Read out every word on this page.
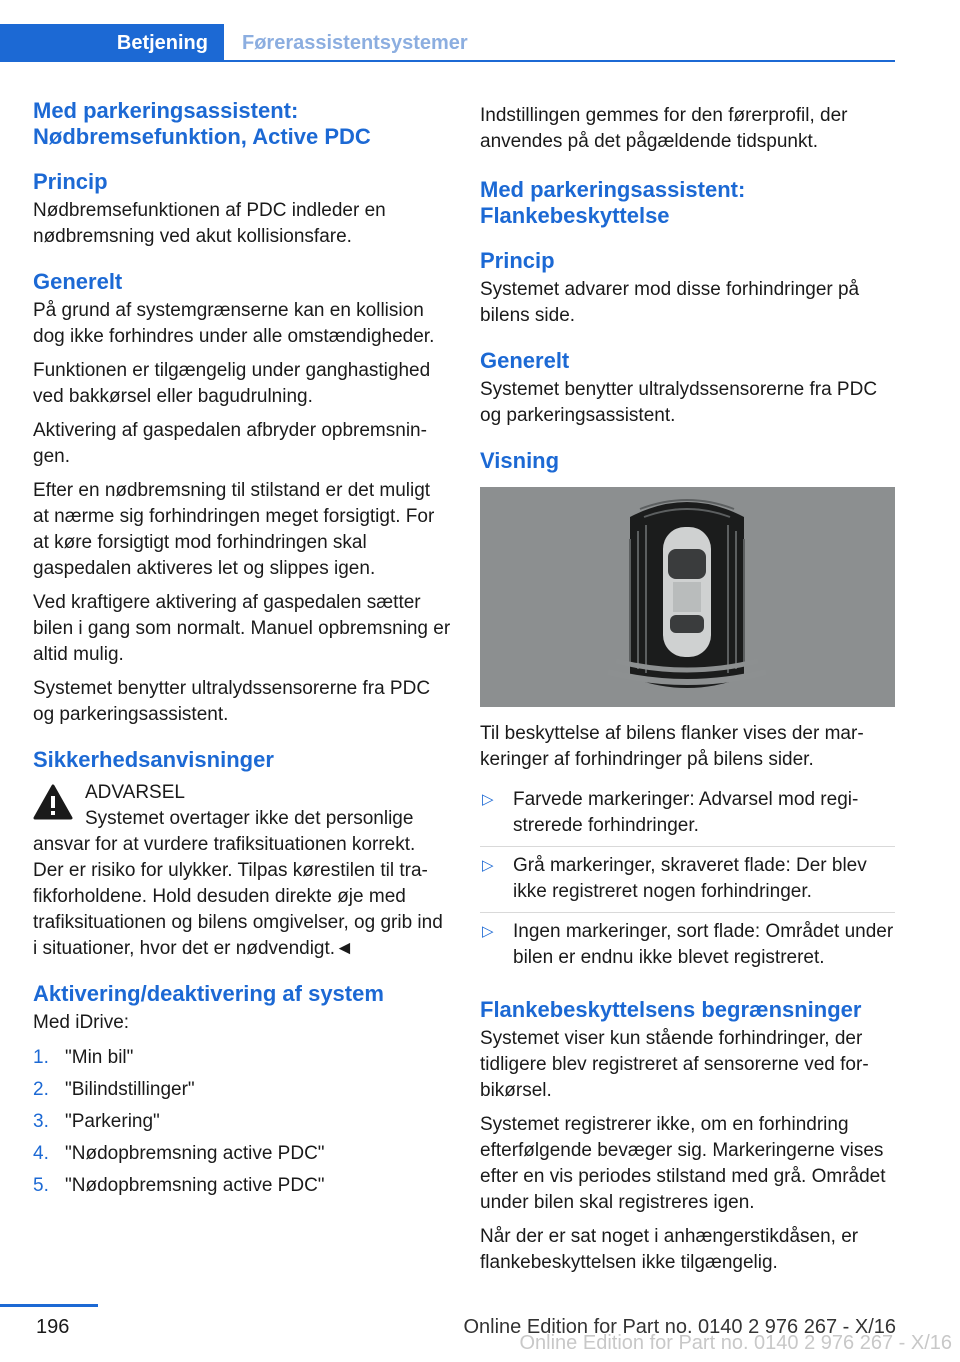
Betjening	Førerassistentsystemer
Med parkeringsassistent: Nødbremsefunktion, Active PDC
Princip

Nødbremsefunktionen af PDC indleder en nødbremsning ved akut kollisionsfare.

Generelt

På grund af systemgrænserne kan en kollision dog ikke forhindres under alle omstændigheder.

Funktionen er tilgængelig under ganghastighed ved bakkørsel eller bagudrulning.

Aktivering af gaspedalen afbryder opbremsningen.

Efter en nødbremsning til stilstand er det muligt at nærme sig forhindringen meget forsigtigt. For at køre forsigtigt mod forhindringen skal gaspedalen aktiveres let og slippes igen.

Ved kraftigere aktivering af gaspedalen sætter bilen i gang som normalt. Manuel opbremsning er altid mulig.

Systemet benytter ultralydssensorerne fra PDC og parkeringsassistent.

Sikkerhedsanvisninger

ADVARSEL

Systemet overtager ikke det personlige

ansvar for at vurdere trafiksituationen korrekt. Der er risiko for ulykker. Tilpas kørestilen til trafikforholdene. Hold desuden direkte øje med trafiksituationen og bilens omgivelser, og grib ind i situationer, hvor det er nødvendigt.◄

Aktivering/deaktivering af system

Med iDrive:

1. "Min bil"
2. "Bilindstillinger"
3. "Parkering"
4. "Nødopbremsning active PDC"
5. "Nødopbremsning active PDC"

Indstillingen gemmes for den førerprofil, der anvendes på det pågældende tidspunkt.

Med parkeringsassistent: Flankebeskyttelse
Princip

Systemet advarer mod disse forhindringer på bilens side.

Generelt

Systemet benytter ultralydssensorerne fra PDC og parkeringsassistent.

Visning

Til beskyttelse af bilens flanker vises der markeringer af forhindringer på bilens sider.

▷ Farvede markeringer: Advarsel mod registrerede forhindringer.
▷ Grå markeringer, skraveret flade: Der blev ikke registreret nogen forhindringer.
▷ Ingen markeringer, sort flade: Området under bilen er endnu ikke blevet registreret.
Flankebeskyttelsens begrænsninger

Systemet viser kun stående forhindringer, der tidligere blev registreret af sensorerne ved forbikørsel.

Systemet registrerer ikke, om en forhindring efterfølgende bevæger sig. Markeringerne vises efter en vis periodes stilstand med grå. Området under bilen skal registreres igen.

Når der er sat noget i anhængerstikdåsen, er flankebeskyttelsen ikke tilgængelig.

196	Online Edition for Part no. 0140 2 976 267 - X/16
Online Edition for Part no. 0140 2 976 267 - X/16
